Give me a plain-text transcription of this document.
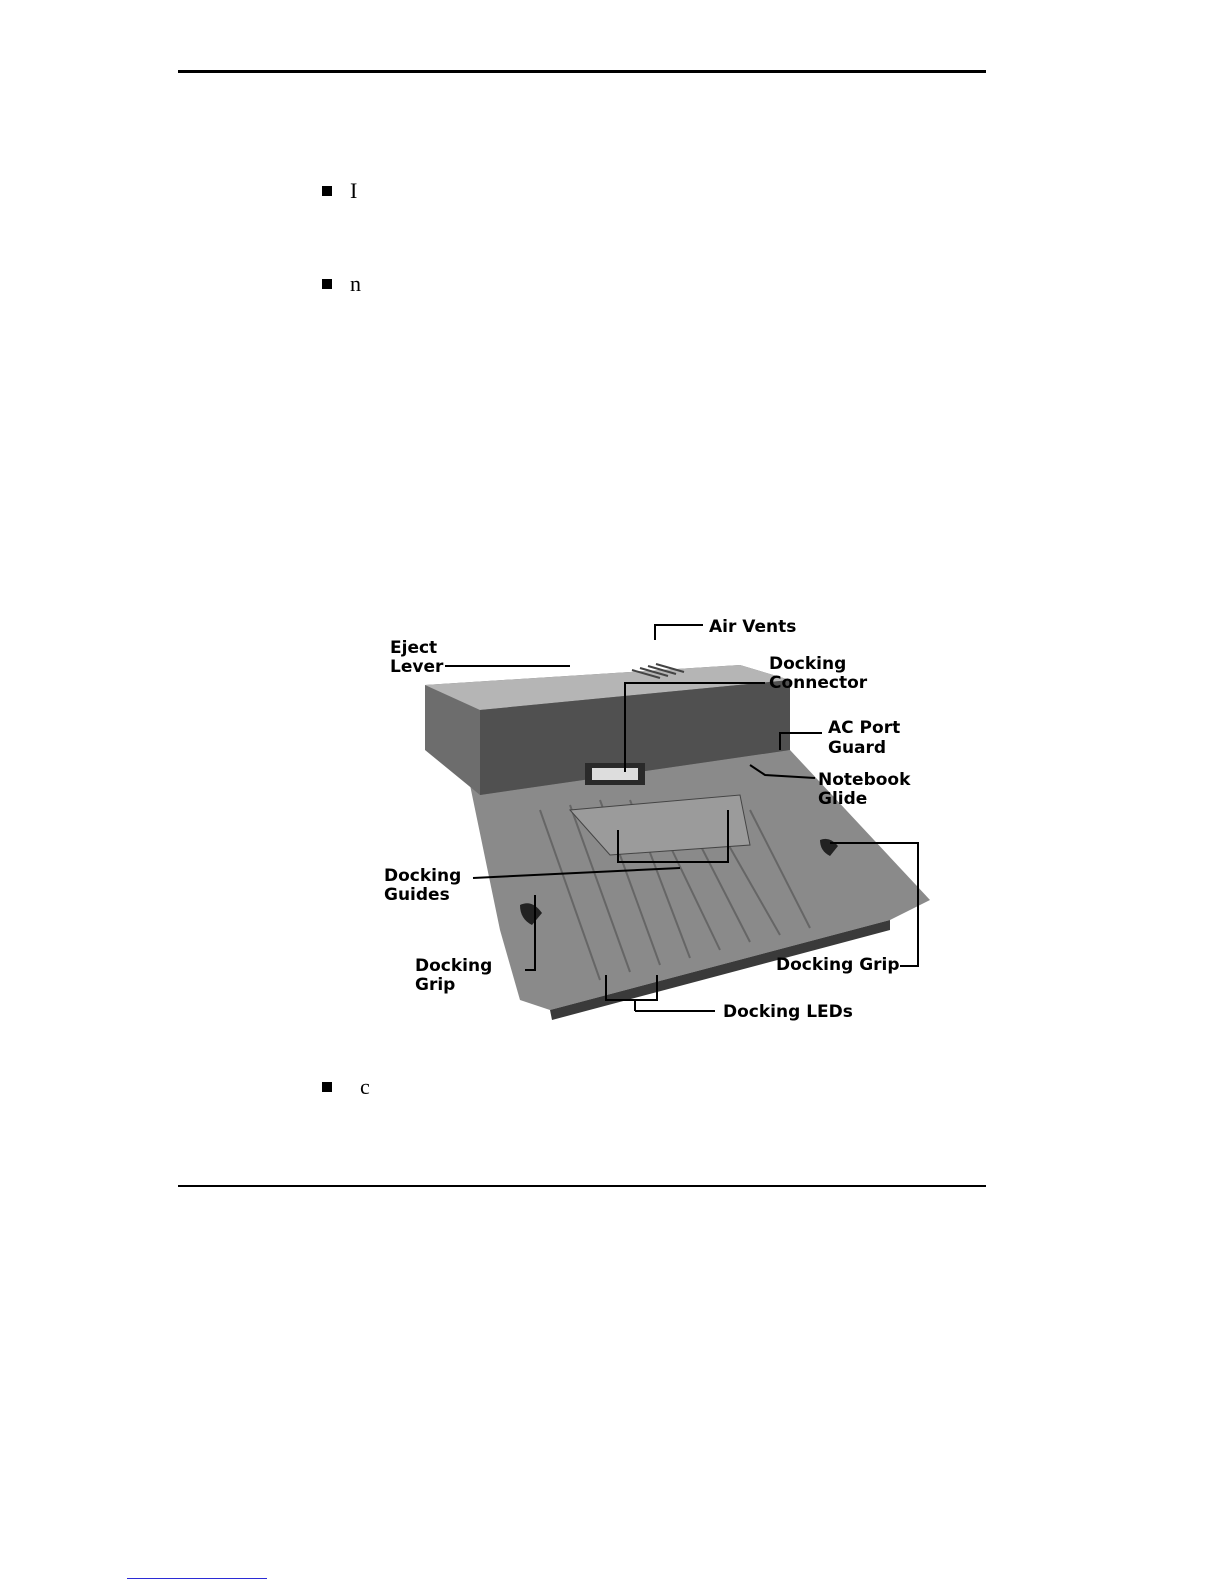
I
n
Eject
Lever
Air Vents
Docking
Connector
AC Port
Guard
Notebook
Glide
Docking
Guides
Docking
Grip
Docking Grip
Docking LEDs
c
